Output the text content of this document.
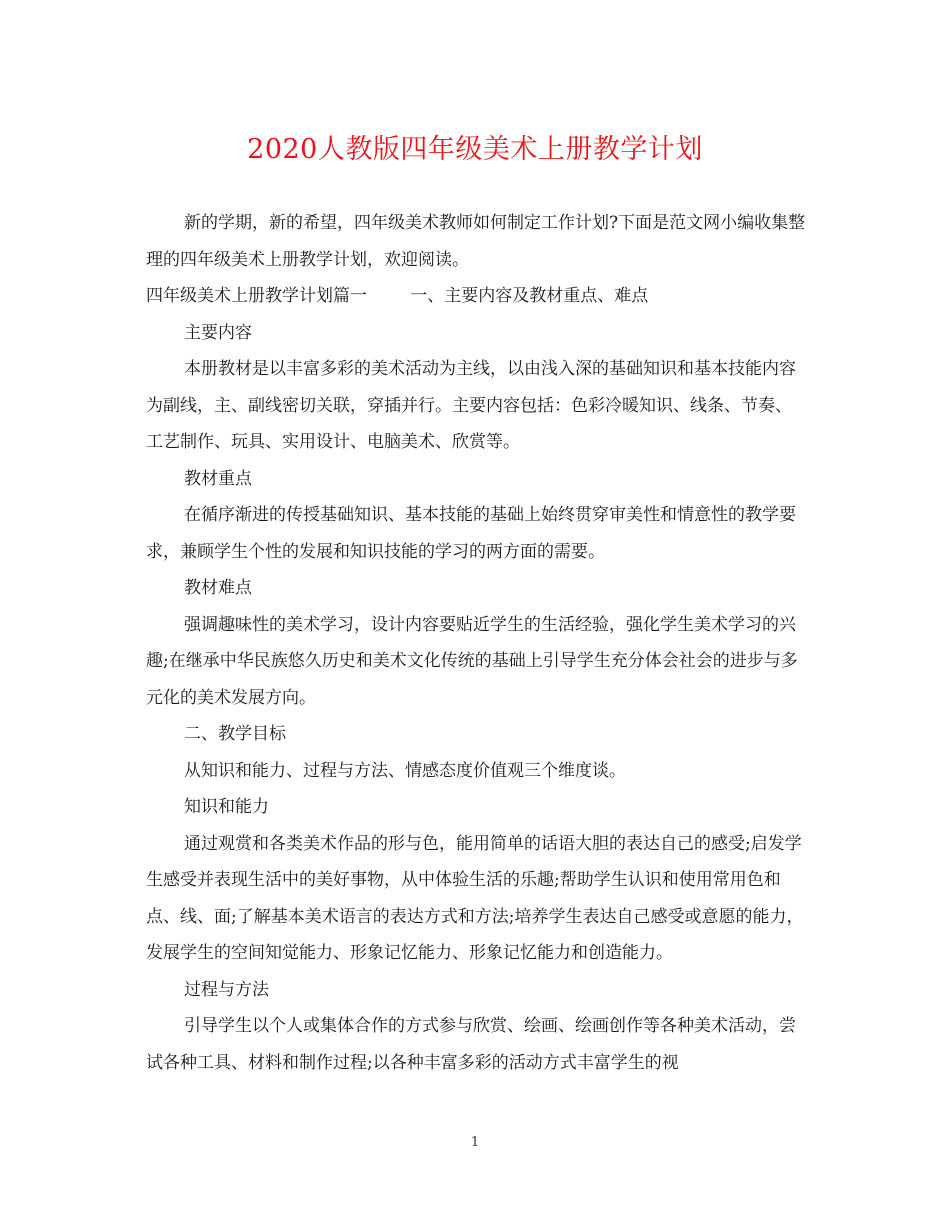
2020人教版四年级美术上册教学计划

新的学期，新的希望，四年级美术教师如何制定工作计划?下面是范文网小编收集整理的四年级美术上册教学计划，欢迎阅读。

四年级美术上册教学计划篇一        一、主要内容及教材重点、难点

主要内容

本册教材是以丰富多彩的美术活动为主线，以由浅入深的基础知识和基本技能内容为副线，主、副线密切关联，穿插并行。主要内容包括：色彩冷暖知识、线条、节奏、工艺制作、玩具、实用设计、电脑美术、欣赏等。

教材重点

在循序渐进的传授基础知识、基本技能的基础上始终贯穿审美性和情意性的教学要求，兼顾学生个性的发展和知识技能的学习的两方面的需要。

教材难点

强调趣味性的美术学习，设计内容要贴近学生的生活经验，强化学生美术学习的兴趣;在继承中华民族悠久历史和美术文化传统的基础上引导学生充分体会社会的进步与多元化的美术发展方向。

二、教学目标

从知识和能力、过程与方法、情感态度价值观三个维度谈。

知识和能力

通过观赏和各类美术作品的形与色，能用简单的话语大胆的表达自己的感受;启发学生感受并表现生活中的美好事物，从中体验生活的乐趣;帮助学生认识和使用常用色和点、线、面;了解基本美术语言的表达方式和方法;培养学生表达自己感受或意愿的能力，发展学生的空间知觉能力、形象记忆能力、形象记忆能力和创造能力。

过程与方法

引导学生以个人或集体合作的方式参与欣赏、绘画、绘画创作等各种美术活动，尝试各种工具、材料和制作过程;以各种丰富多彩的活动方式丰富学生的视

1
